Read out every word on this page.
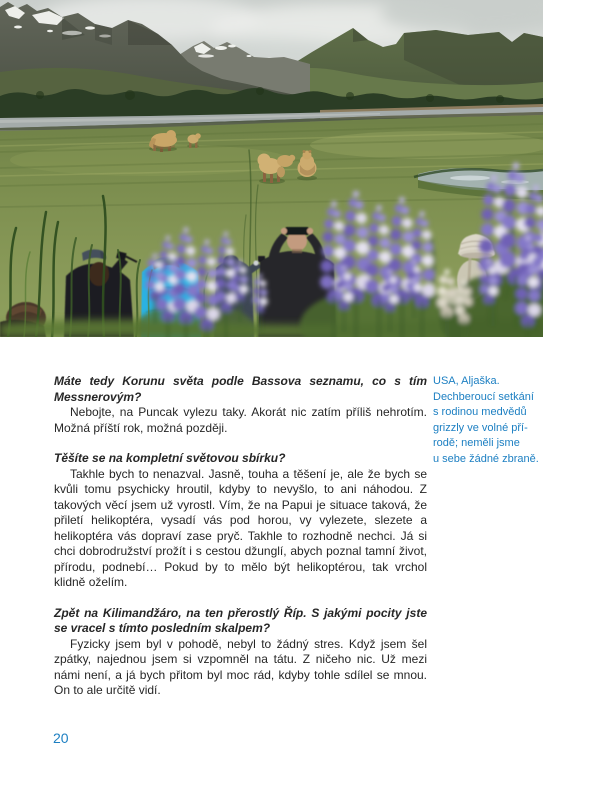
USA, Aljaška.
Dechberoucí setkání
s rodinou medvědů
grizzly ve volné pří-
rodě; neměli jsme
u sebe žádné zbraně.

Máte tedy Korunu světa podle Bassova seznamu, co s tím Messnerovým?

Nebojte, na Puncak vylezu taky. Akorát nic zatím příliš nehrotím. Možná příští rok, možná později.

Těšíte se na kompletní světovou sbírku?

Takhle bych to nenazval. Jasně, touha a těšení je, ale že bych se kvůli tomu psychicky hroutil, kdyby to nevyšlo, to ani náhodou. Z takových věcí jsem už vyrostl. Vím, že na Papui je situace taková, že přiletí helikoptéra, vysadí vás pod horou, vy vylezete, slezete a helikoptéra vás dopraví zase pryč. Takhle to rozhodně nechci. Já si chci dobrodružství prožít i s cestou džunglí, abych poznal tamní život, přírodu, podnebí… Pokud by to mělo být helikoptérou, tak vrchol klidně oželím.

Zpět na Kilimandžáro, na ten přerostlý Říp. S jakými pocity jste se vracel s tímto posledním skalpem?

Fyzicky jsem byl v pohodě, nebyl to žádný stres. Když jsem šel zpátky, najednou jsem si vzpomněl na tátu. Z ničeho nic. Už mezi námi není, a já bych přitom byl moc rád, kdyby tohle sdílel se mnou. On to ale určitě vidí.

20
